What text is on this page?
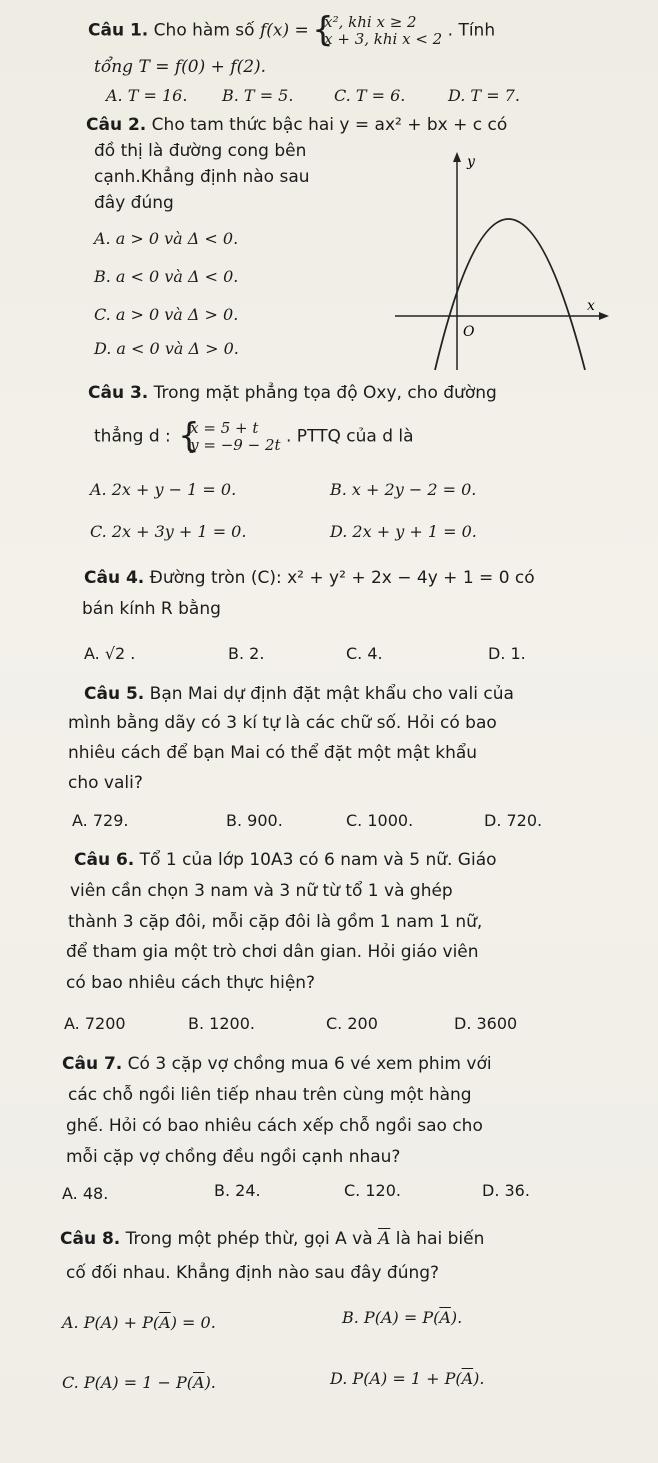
Câu 1. Cho hàm số f(x) = { x², khi x ≥ 2
x + 3, khi x < 2 . Tính
tổng T = f(0) + f(2).
A. T = 16. B. T = 5.	C. T = 6.	D. T = 7.
Câu 2. Cho tam thức bậc hai y = ax² + bx + c có
đồ thị là đường cong bên
cạnh.Khẳng định nào sau
đây đúng
A. a > 0 và Δ < 0.
B. a < 0 và Δ < 0.
C. a > 0 và Δ > 0.
D. a < 0 và Δ > 0.
y
x
O
Câu 3. Trong mặt phẳng tọa độ Oxy, cho đường
thẳng d : { x = 5 + t
y = −9 − 2t . PTTQ của d là
A. 2x + y − 1 = 0.	B. x + 2y − 2 = 0.
C. 2x + 3y + 1 = 0.	D. 2x + y + 1 = 0.
Câu 4. Đường tròn (C): x² + y² + 2x − 4y + 1 = 0 có
bán kính R bằng
A. √2 .	B. 2.	C. 4.	D. 1.
Câu 5. Bạn Mai dự định đặt mật khẩu cho vali của
mình bằng dãy có 3 kí tự là các chữ số. Hỏi có bao
nhiêu cách để bạn Mai có thể đặt một mật khẩu
cho vali?
A. 729.	B. 900.	C. 1000.	D. 720.
Câu 6. Tổ 1 của lớp 10A3 có 6 nam và 5 nữ. Giáo
viên cần chọn 3 nam và 3 nữ từ tổ 1 và ghép
thành 3 cặp đôi, mỗi cặp đôi là gồm 1 nam 1 nữ,
để tham gia một trò chơi dân gian. Hỏi giáo viên
có bao nhiêu cách thực hiện?
A. 7200	B. 1200.	C. 200	D. 3600
Câu 7. Có 3 cặp vợ chồng mua 6 vé xem phim với
các chỗ ngồi liên tiếp nhau trên cùng một hàng
ghế. Hỏi có bao nhiêu cách xếp chỗ ngồi sao cho
mỗi cặp vợ chồng đều ngồi cạnh nhau?
A. 48.	B. 24.	C. 120.	D. 36.
Câu 8. Trong một phép thừ, gọi A và $\overline{A}$ là hai biến
cố đối nhau. Khẳng định nào sau đây đúng?
A. $P(A) + P(\overline{A}) = 0$.	B. $P(A) = P(\overline{A})$.
C. $P(A) = 1 - P(\overline{A})$.	D. $P(A) = 1 + P(\overline{A})$.
